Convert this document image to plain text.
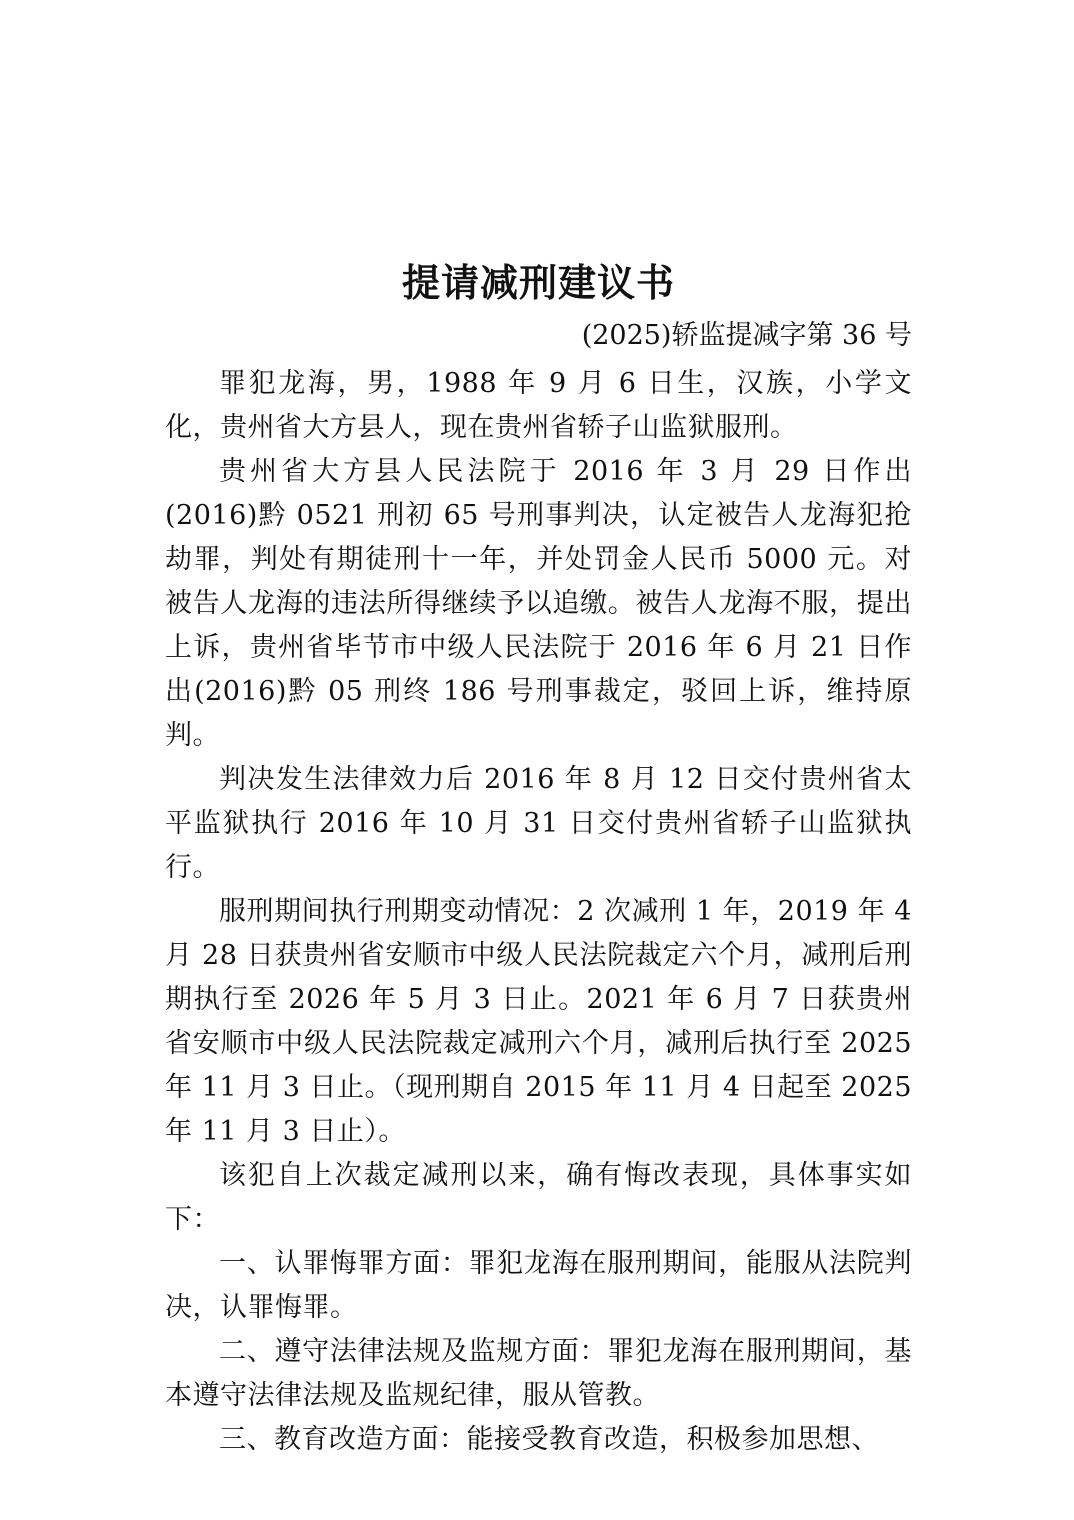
提请减刑建议书
(2025)轿监提减字第 36 号

罪犯龙海，男，1988 年 9 月 6 日生，汉族，小学文化，贵州省大方县人，现在贵州省轿子山监狱服刑。

贵州省大方县人民法院于 2016 年 3 月 29 日作出(2016)黔 0521 刑初 65 号刑事判决，认定被告人龙海犯抢劫罪，判处有期徒刑十一年，并处罚金人民币 5000 元。对被告人龙海的违法所得继续予以追缴。被告人龙海不服，提出上诉，贵州省毕节市中级人民法院于 2016 年 6 月 21 日作出(2016)黔 05 刑终 186 号刑事裁定，驳回上诉，维持原判。

判决发生法律效力后 2016 年 8 月 12 日交付贵州省太平监狱执行 2016 年 10 月 31 日交付贵州省轿子山监狱执行。

服刑期间执行刑期变动情况：2 次减刑 1 年，2019 年 4 月 28 日获贵州省安顺市中级人民法院裁定六个月，减刑后刑期执行至 2026 年 5 月 3 日止。2021 年 6 月 7 日获贵州省安顺市中级人民法院裁定减刑六个月，减刑后执行至 2025 年 11 月 3 日止。（现刑期自 2015 年 11 月 4 日起至 2025 年 11 月 3 日止）。

该犯自上次裁定减刑以来，确有悔改表现，具体事实如下：

一、认罪悔罪方面：罪犯龙海在服刑期间，能服从法院判决，认罪悔罪。

二、遵守法律法规及监规方面：罪犯龙海在服刑期间，基本遵守法律法规及监规纪律，服从管教。

三、教育改造方面：能接受教育改造，积极参加思想、
